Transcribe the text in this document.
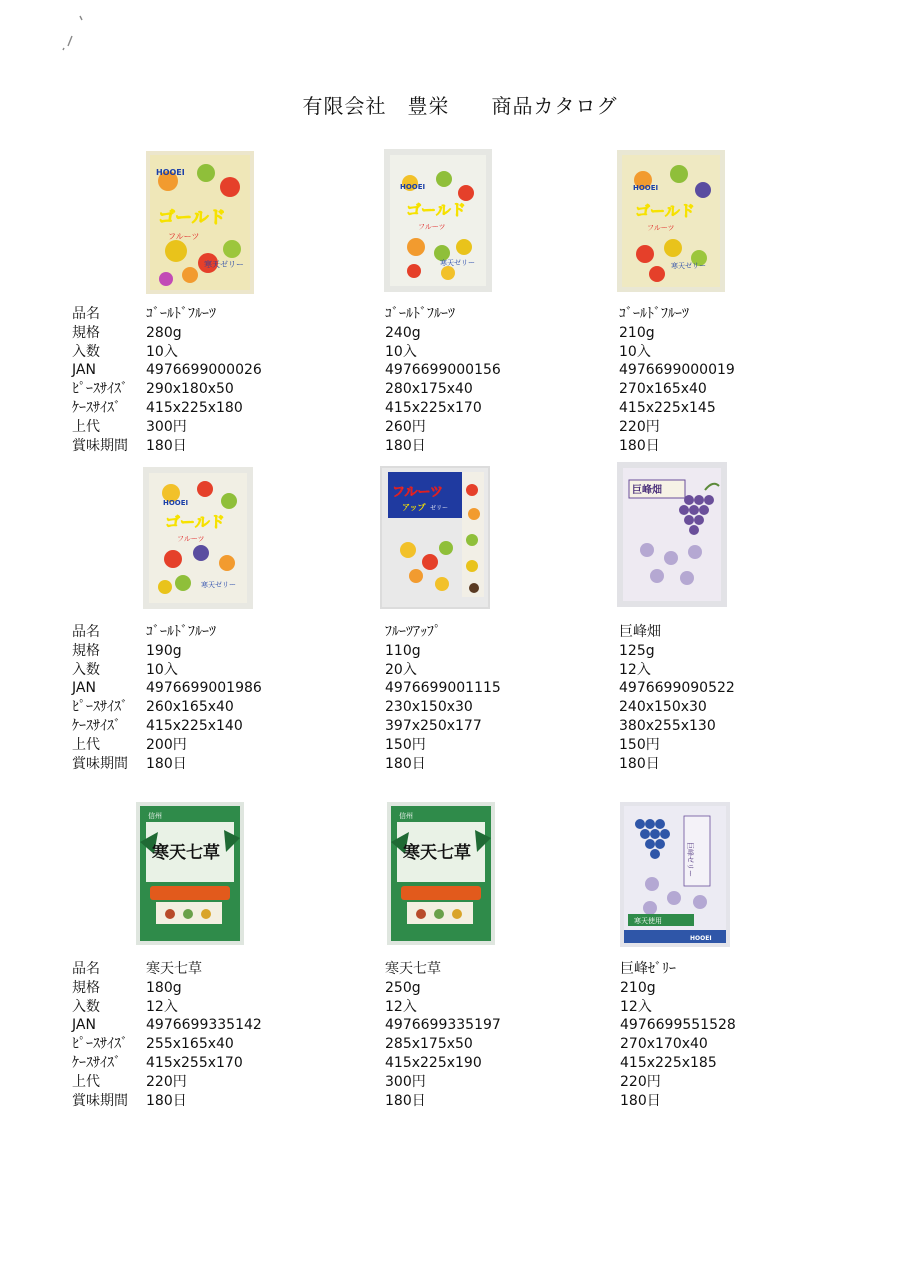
有限会社　豊栄　　商品カタログ
HOOEI
ゴールド
フルーツ
寒天ゼリー
HOOEI
ゴールド
フルーツ
寒天ゼリー
HOOEI
ゴールド
フルーツ
寒天ゼリー
品名
規格
入数
JAN
ﾋﾟｰｽｻｲｽﾞ
ｹｰｽｻｲｽﾞ
上代
賞味期間
ｺﾞｰﾙﾄﾞﾌﾙｰﾂ
280g
10入
4976699000026
290x180x50
415x225x180
300円
180日
ｺﾞｰﾙﾄﾞﾌﾙｰﾂ
240g
10入
4976699000156
280x175x40
415x225x170
260円
180日
ｺﾞｰﾙﾄﾞﾌﾙｰﾂ
210g
10入
4976699000019
270x165x40
415x225x145
220円
180日
HOOEI
ゴールド
フルーツ
寒天ゼリー
フルーツ
アップ ゼリー
巨峰畑
品名
規格
入数
JAN
ﾋﾟｰｽｻｲｽﾞ
ｹｰｽｻｲｽﾞ
上代
賞味期間
ｺﾞｰﾙﾄﾞﾌﾙｰﾂ
190g
10入
4976699001986
260x165x40
415x225x140
200円
180日
ﾌﾙｰﾂｱｯﾌﾟ
110g
20入
4976699001115
230x150x30
397x250x177
150円
180日
巨峰畑
125g
12入
4976699090522
240x150x30
380x255x130
150円
180日
信州
寒天七草
信州
寒天七草	巨峰ゼリー
寒天使用
HOOEI
品名
規格
入数
JAN
ﾋﾟｰｽｻｲｽﾞ
ｹｰｽｻｲｽﾞ
上代
賞味期間
寒天七草
180g
12入
4976699335142
255x165x40
415x255x170
220円
180日
寒天七草
250g
12入
4976699335197
285x175x50
415x225x190
300円
180日
巨峰ｾﾞﾘｰ
210g
12入
4976699551528
270x170x40
415x225x185
220円
180日
